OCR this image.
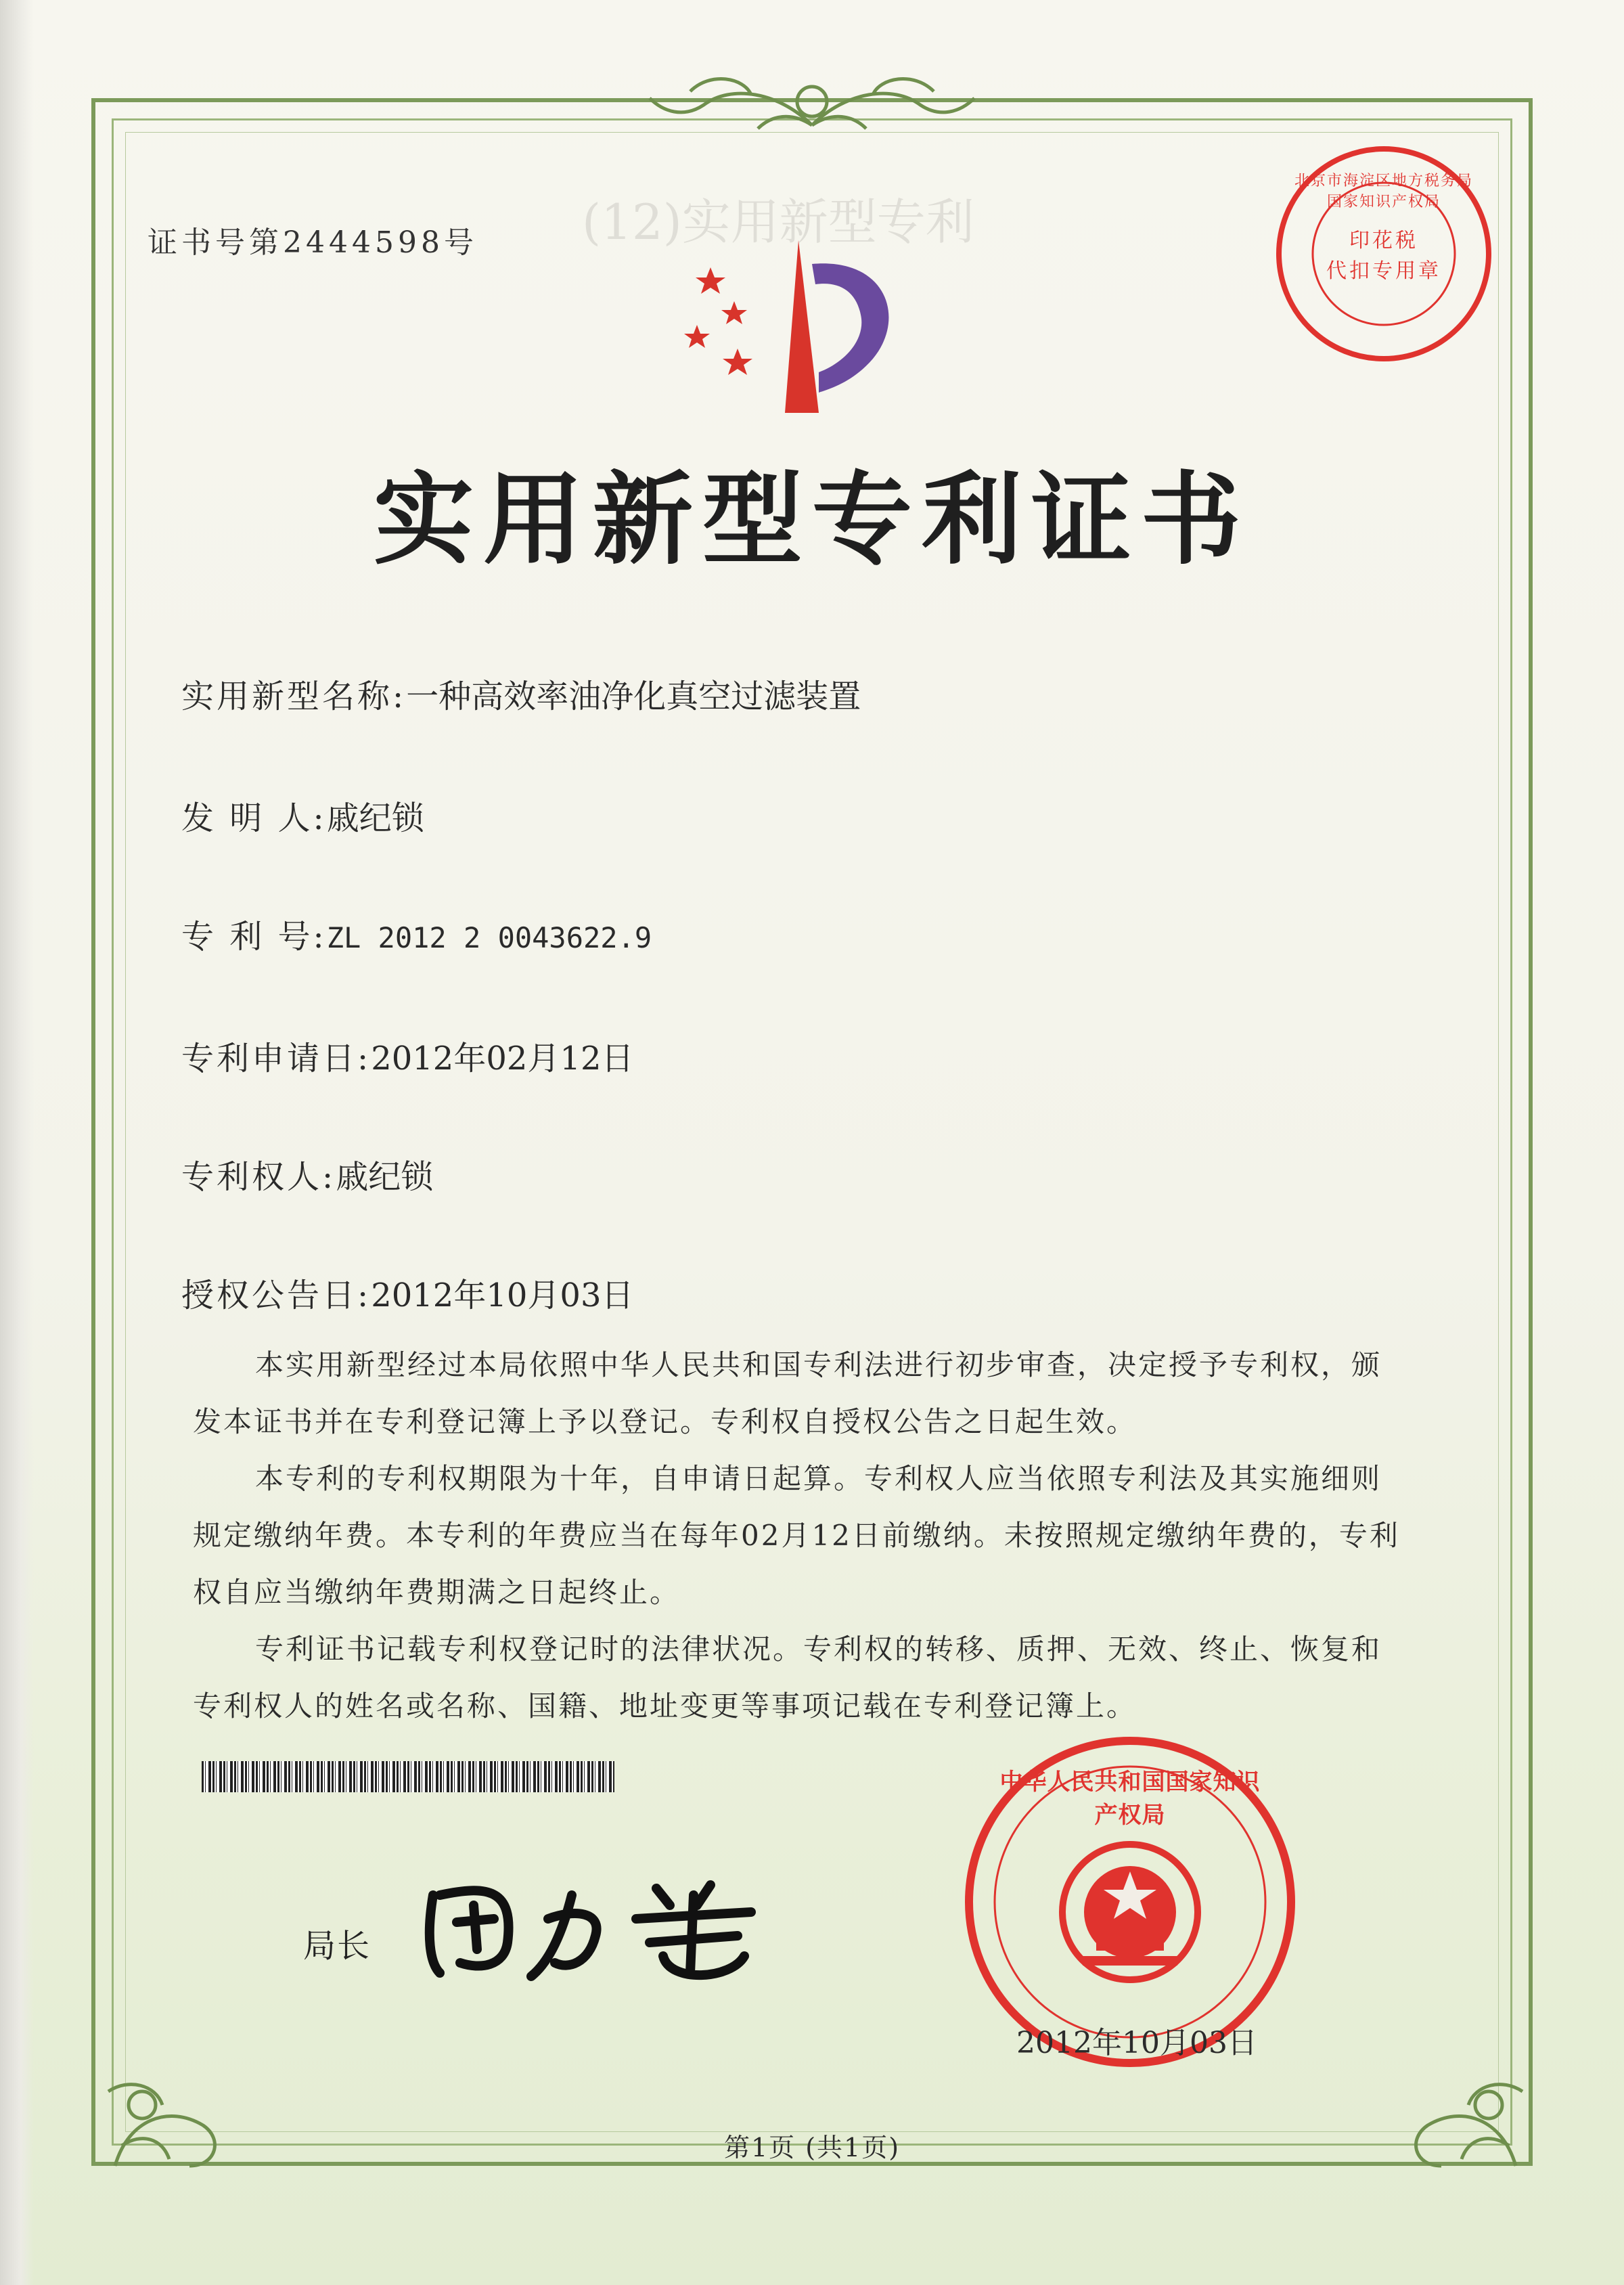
(12)实用新型专利
证书号第2444598号
北京市海淀区地方税务局 国家知识产权局
印花税
代扣专用章
实用新型专利证书
实用新型名称:一种高效率油净化真空过滤装置
发 明 人:戚纪锁
专 利 号:ZL 2012 2 0043622.9
专利申请日:2012年02月12日
专利权人:戚纪锁
授权公告日:2012年10月03日

本实用新型经过本局依照中华人民共和国专利法进行初步审查，决定授予专利权，颁发本证书并在专利登记簿上予以登记。专利权自授权公告之日起生效。

本专利的专利权期限为十年，自申请日起算。专利权人应当依照专利法及其实施细则规定缴纳年费。本专利的年费应当在每年02月12日前缴纳。未按照规定缴纳年费的，专利权自应当缴纳年费期满之日起终止。

专利证书记载专利权登记时的法律状况。专利权的转移、质押、无效、终止、恢复和专利权人的姓名或名称、国籍、地址变更等事项记载在专利登记簿上。

局长
中华人民共和国国家知识产权局
2012年10月03日
第1页 (共1页)
